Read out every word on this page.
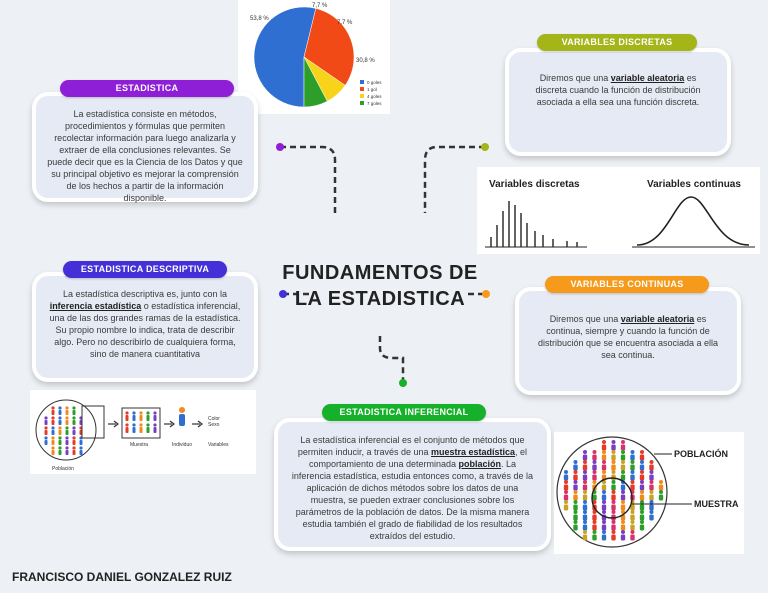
FUNDAMENTOS DE LA ESTADISTICA
53,8 %
7,7 %
7,7 %
30,8 %
0 goles
1 gol
4 goles
7 goles

La estadística consiste en métodos, procedimientos y fórmulas que permiten recolectar información para luego analizarla y extraer de ella conclusiones relevantes. Se puede decir que es la Ciencia de los Datos y que su principal objetivo es mejorar la comprensión de los hechos a partir de la información disponible.

ESTADISTICA

Diremos que una variable aleatoria es discreta cuando la función de distribución asociada a ella sea una función discreta.

VARIABLES DISCRETAS
Variables discretas	Variables continuas

La estadística descriptiva es, junto con la inferencia estadística o estadística inferencial, una de las dos grandes ramas de la estadística. Su propio nombre lo indica, trata de describir algo. Pero no describirlo de cualquiera forma, sino de manera cuantitativa

ESTADISTICA DESCRIPTIVA

Diremos que una variable aleatoria es continua, siempre y cuando la función de distribución que se encuentra asociada a ella sea continua.

VARIABLES CONTINUAS
Color
Sexo
Población
Muestra	Individuo	Variables	La estadística inferencial es el conjunto de métodos que permiten inducir, a través de una muestra estadística, el comportamiento de una determinada población. La inferencia estadística, estudia entonces como, a través de la aplicación de dichos métodos sobre los datos de una muestra, se pueden extraer conclusiones sobre los parámetros de la población de datos. De la misma manera estudia también el grado de fiabilidad de los resultados extraídos del estudio.

ESTADISTICA INFERENCIAL
POBLACIÓN
MUESTRA
FRANCISCO DANIEL GONZALEZ RUIZ
